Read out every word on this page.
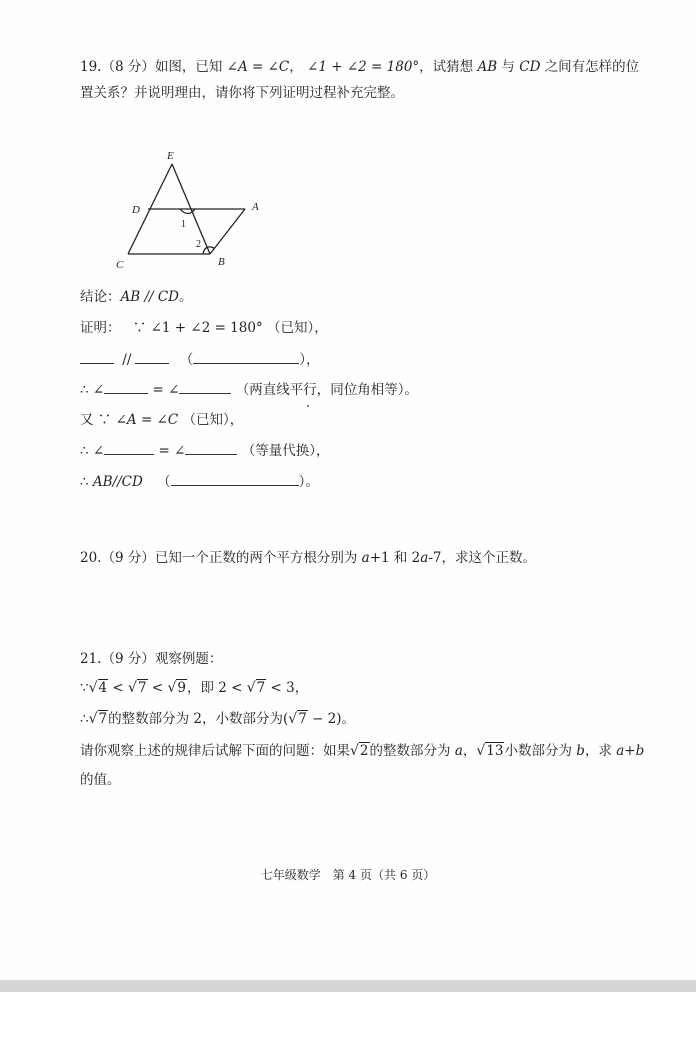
19.（8 分）如图，已知 ∠A = ∠C， ∠1 + ∠2 = 180°，试猜想 AB 与 CD 之间有怎样的位
置关系？并说明理由，请你将下列证明过程补充完整。
E
D	A
C	B
1
2
结论：AB // CD。
证明： ∵ ∠1 + ∠2 = 180° （已知），
//	（	），
∴ ∠	= ∠	（两直线平行，同位角相等）。
又 ∵ ∠A = ∠C （已知），
∴ ∠	= ∠	（等量代换），
∴ AB//CD （	）。
20.（9 分）已知一个正数的两个平方根分别为 a+1 和 2a-7，求这个正数。
21.（9 分）观察例题：
∵√4 < √7 < √9，即 2 < √7 < 3，
∴√7的整数部分为 2，小数部分为(√7 − 2)。
请你观察上述的规律后试解下面的问题：如果√2的整数部分为 a，√13小数部分为 b，求 a+b
的值。
七年级数学　第 4 页（共 6 页）
